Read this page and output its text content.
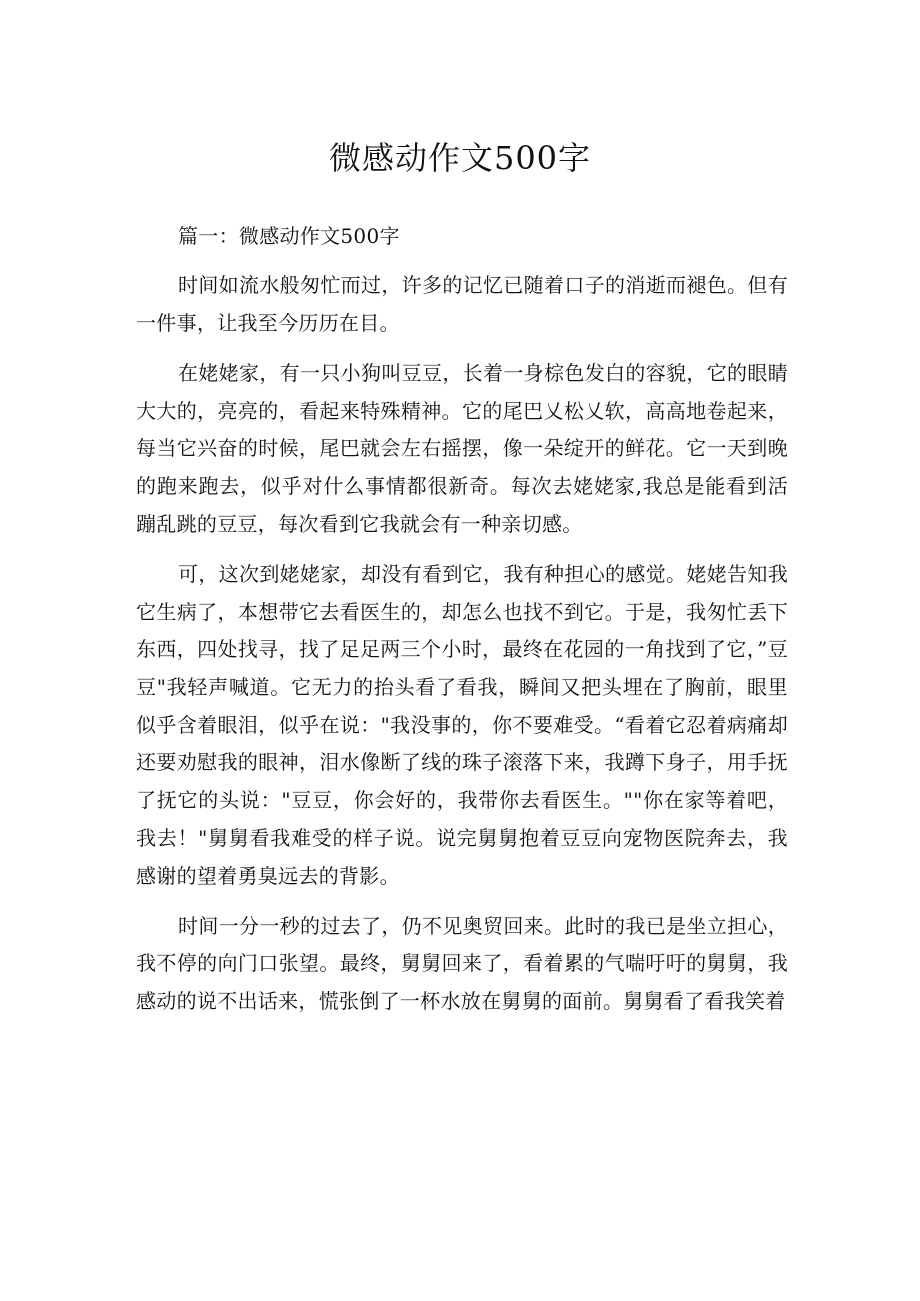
微感动作文500字

篇一：微感动作文500字

时间如流水般匆忙而过，许多的记忆已随着口子的消逝而褪色。但有一件事，让我至今历历在目。

在姥姥家，有一只小狗叫豆豆，长着一身棕色发白的容貌，它的眼睛大大的，亮亮的，看起来特殊精神。它的尾巴乂松乂软，高高地卷起来，每当它兴奋的时候，尾巴就会左右摇摆，像一朵绽开的鲜花。它一天到晚的跑来跑去，似乎对什么事情都很新奇。每次去姥姥家,我总是能看到活蹦乱跳的豆豆，每次看到它我就会有一种亲切感。

可，这次到姥姥家，却没有看到它，我有种担心的感觉。姥姥告知我它生病了，本想带它去看医生的，却怎么也找不到它。于是，我匆忙丢下东西，四处找寻，找了足足两三个小时，最终在花园的一角找到了它，”豆豆"我轻声喊道。它无力的抬头看了看我，瞬间又把头埋在了胸前，眼里似乎含着眼泪，似乎在说："我没事的，你不要难受。“看着它忍着病痛却还要劝慰我的眼神，泪水像断了线的珠子滚落下来，我蹲下身子，用手抚了抚它的头说："豆豆，你会好的，我带你去看医生。""你在家等着吧，我去！"舅舅看我难受的样子说。说完舅舅抱着豆豆向宠物医院奔去，我感谢的望着勇臭远去的背影。

时间一分一秒的过去了，仍不见奥贸回来。此时的我已是坐立担心，我不停的向门口张望。最终，舅舅回来了，看着累的气喘吁吁的舅舅，我感动的说不出话来，慌张倒了一杯水放在舅舅的面前。舅舅看了看我笑着
